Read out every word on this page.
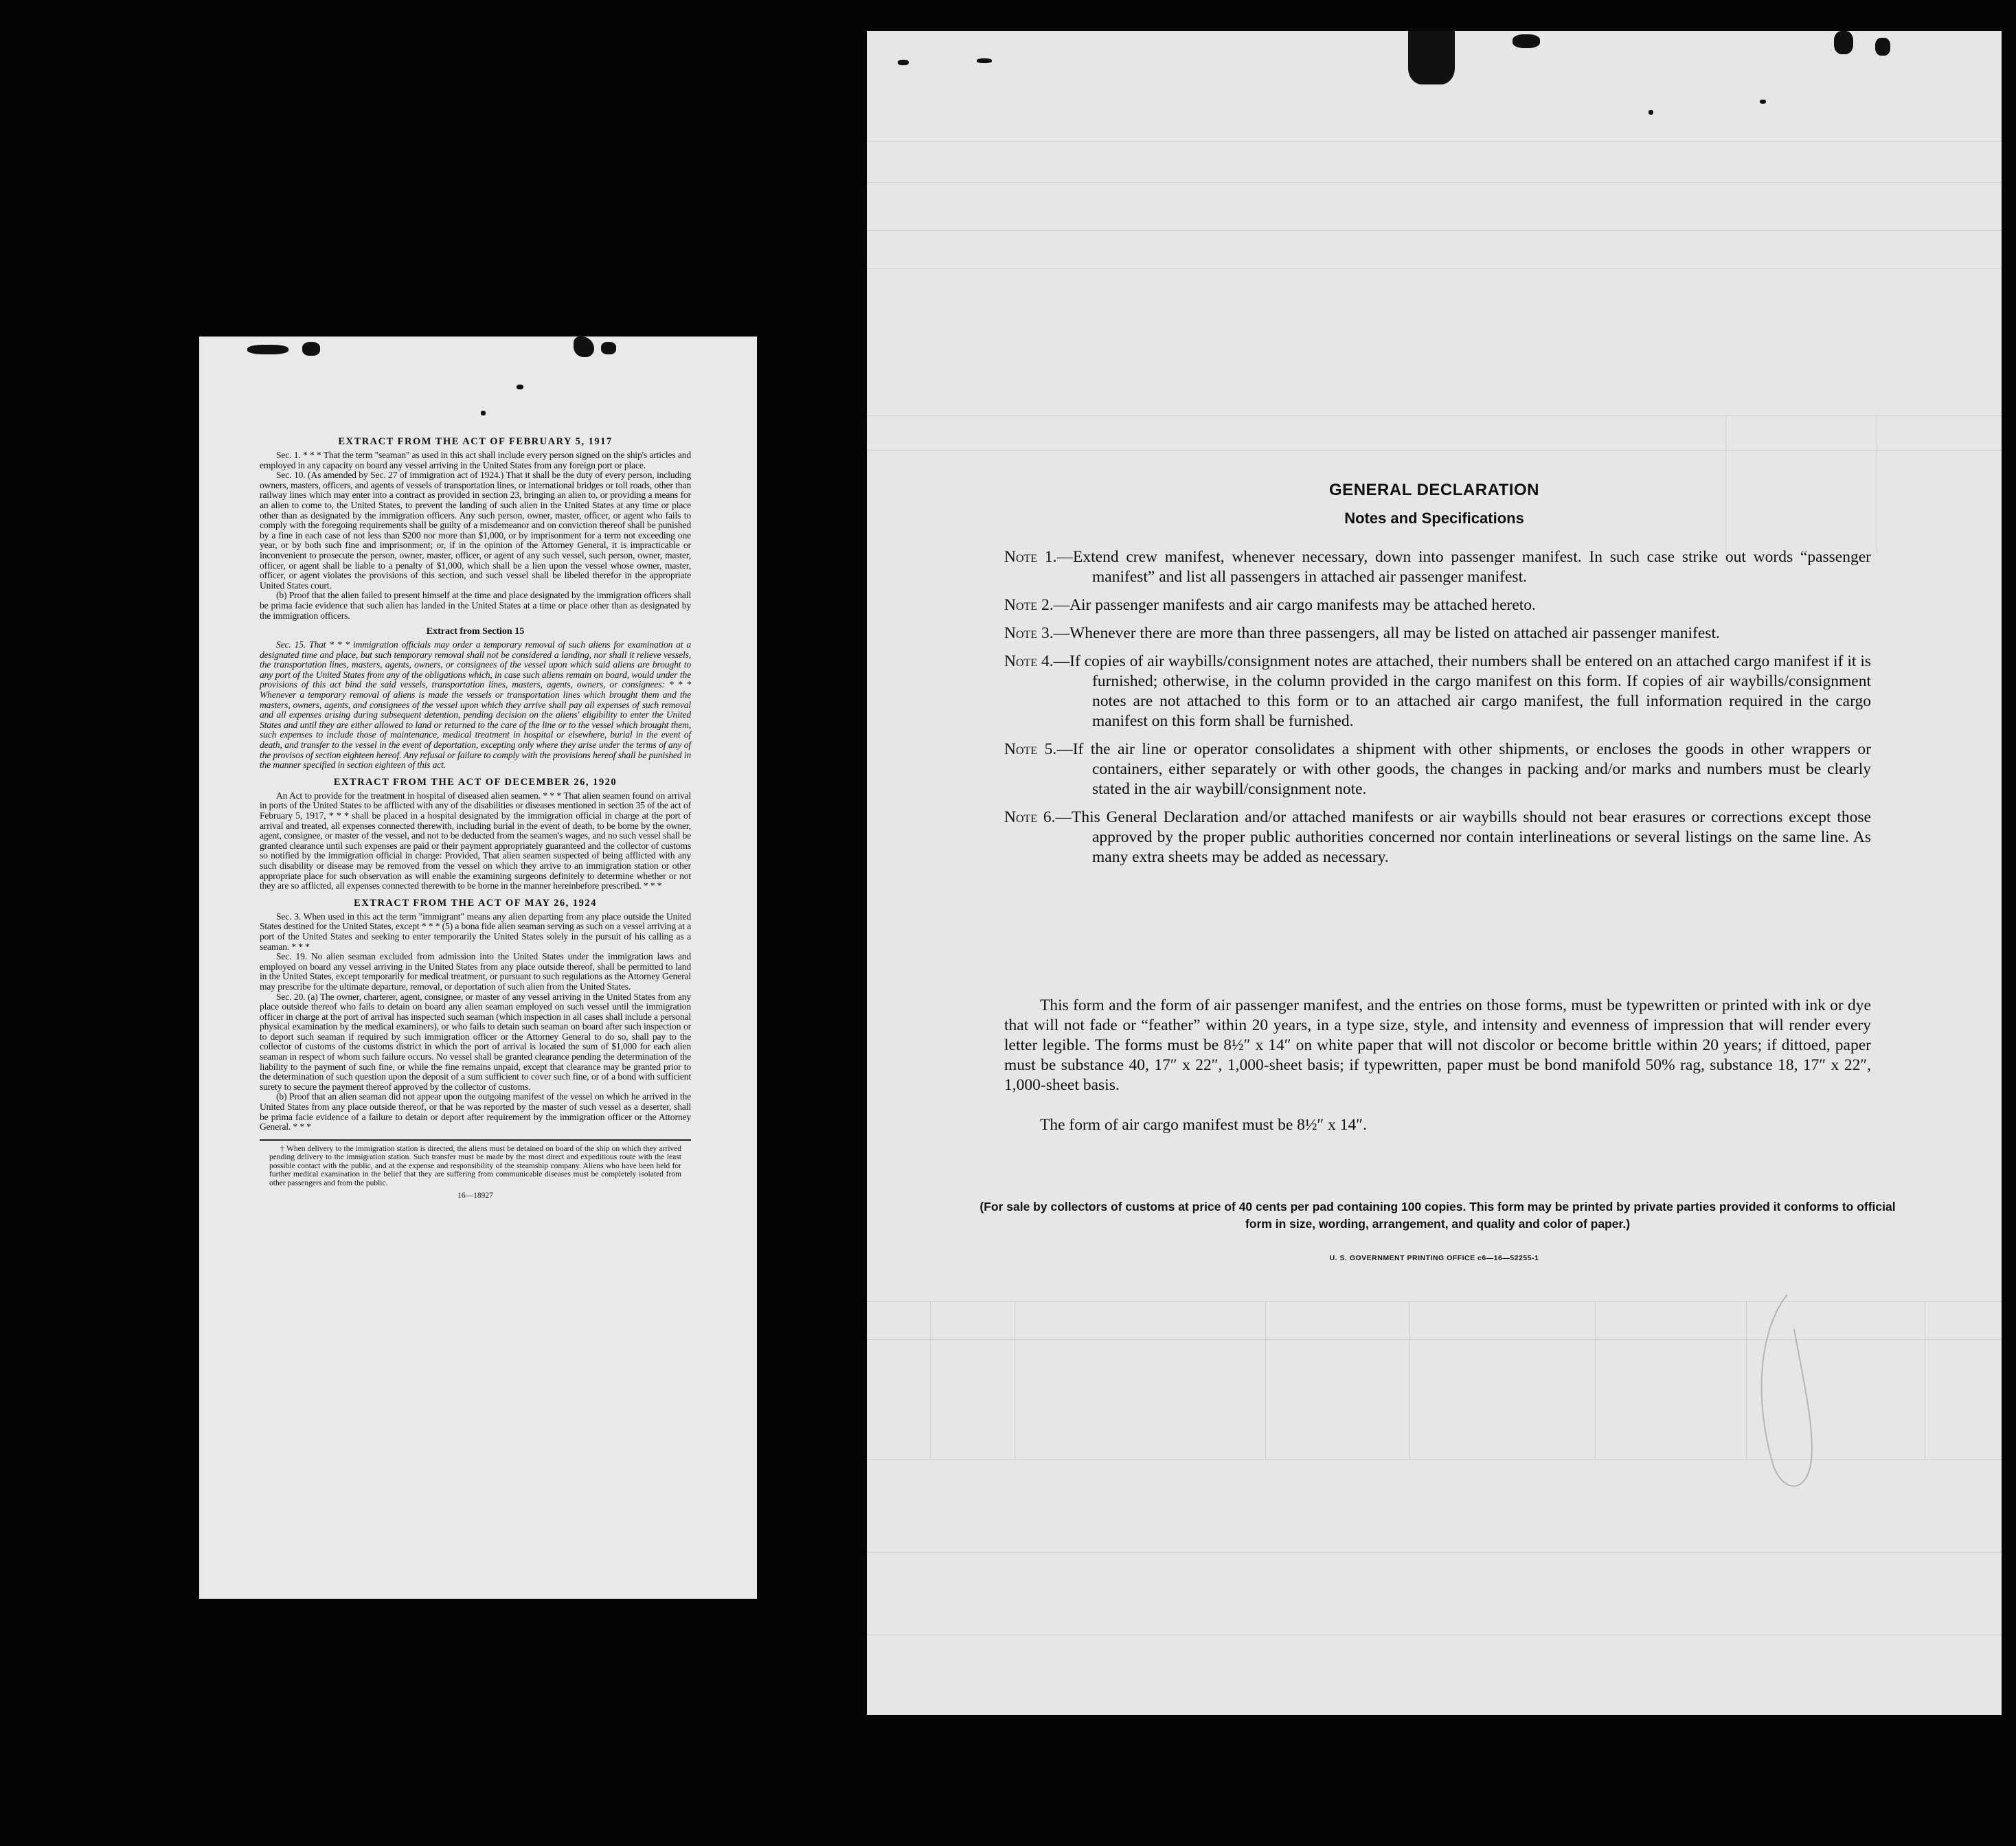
EXTRACT FROM THE ACT OF FEBRUARY 5, 1917

Sec. 1. * * * That the term "seaman" as used in this act shall include every person signed on the ship's articles and employed in any capacity on board any vessel arriving in the United States from any foreign port or place.

Sec. 10. (As amended by Sec. 27 of immigration act of 1924.) That it shall be the duty of every person, including owners, masters, officers, and agents of vessels of transportation lines, or international bridges or toll roads, other than railway lines which may enter into a contract as provided in section 23, bringing an alien to, or providing a means for an alien to come to, the United States, to prevent the landing of such alien in the United States at any time or place other than as designated by the immigration officers. Any such person, owner, master, officer, or agent who fails to comply with the foregoing requirements shall be guilty of a misdemeanor and on conviction thereof shall be punished by a fine in each case of not less than $200 nor more than $1,000, or by imprisonment for a term not exceeding one year, or by both such fine and imprisonment; or, if in the opinion of the Attorney General, it is impracticable or inconvenient to prosecute the person, owner, master, officer, or agent of any such vessel, such person, owner, master, officer, or agent shall be liable to a penalty of $1,000, which shall be a lien upon the vessel whose owner, master, officer, or agent violates the provisions of this section, and such vessel shall be libeled therefor in the appropriate United States court.

(b) Proof that the alien failed to present himself at the time and place designated by the immigration officers shall be prima facie evidence that such alien has landed in the United States at a time or place other than as designated by the immigration officers.

Extract from Section 15

Sec. 15. That * * * immigration officials may order a temporary removal of such aliens for examination at a designated time and place, but such temporary removal shall not be considered a landing, nor shall it relieve vessels, the transportation lines, masters, agents, owners, or consignees of the vessel upon which said aliens are brought to any port of the United States from any of the obligations which, in case such aliens remain on board, would under the provisions of this act bind the said vessels, transportation lines, masters, agents, owners, or consignees: * * * Whenever a temporary removal of aliens is made the vessels or transportation lines which brought them and the masters, owners, agents, and consignees of the vessel upon which they arrive shall pay all expenses of such removal and all expenses arising during subsequent detention, pending decision on the aliens' eligibility to enter the United States and until they are either allowed to land or returned to the care of the line or to the vessel which brought them, such expenses to include those of maintenance, medical treatment in hospital or elsewhere, burial in the event of death, and transfer to the vessel in the event of deportation, excepting only where they arise under the terms of any of the provisos of section eighteen hereof. Any refusal or failure to comply with the provisions hereof shall be punished in the manner specified in section eighteen of this act.

EXTRACT FROM THE ACT OF DECEMBER 26, 1920

An Act to provide for the treatment in hospital of diseased alien seamen. * * * That alien seamen found on arrival in ports of the United States to be afflicted with any of the disabilities or diseases mentioned in section 35 of the act of February 5, 1917, * * * shall be placed in a hospital designated by the immigration official in charge at the port of arrival and treated, all expenses connected therewith, including burial in the event of death, to be borne by the owner, agent, consignee, or master of the vessel, and not to be deducted from the seamen's wages, and no such vessel shall be granted clearance until such expenses are paid or their payment appropriately guaranteed and the collector of customs so notified by the immigration official in charge: Provided, That alien seamen suspected of being afflicted with any such disability or disease may be removed from the vessel on which they arrive to an immigration station or other appropriate place for such observation as will enable the examining surgeons definitely to determine whether or not they are so afflicted, all expenses connected therewith to be borne in the manner hereinbefore prescribed. * * *

EXTRACT FROM THE ACT OF MAY 26, 1924

Sec. 3. When used in this act the term "immigrant" means any alien departing from any place outside the United States destined for the United States, except * * * (5) a bona fide alien seaman serving as such on a vessel arriving at a port of the United States and seeking to enter temporarily the United States solely in the pursuit of his calling as a seaman. * * *

Sec. 19. No alien seaman excluded from admission into the United States under the immigration laws and employed on board any vessel arriving in the United States from any place outside thereof, shall be permitted to land in the United States, except temporarily for medical treatment, or pursuant to such regulations as the Attorney General may prescribe for the ultimate departure, removal, or deportation of such alien from the United States.

Sec. 20. (a) The owner, charterer, agent, consignee, or master of any vessel arriving in the United States from any place outside thereof who fails to detain on board any alien seaman employed on such vessel until the immigration officer in charge at the port of arrival has inspected such seaman (which inspection in all cases shall include a personal physical examination by the medical examiners), or who fails to detain such seaman on board after such inspection or to deport such seaman if required by such immigration officer or the Attorney General to do so, shall pay to the collector of customs of the customs district in which the port of arrival is located the sum of $1,000 for each alien seaman in respect of whom such failure occurs. No vessel shall be granted clearance pending the determination of the liability to the payment of such fine, or while the fine remains unpaid, except that clearance may be granted prior to the determination of such question upon the deposit of a sum sufficient to cover such fine, or of a bond with sufficient surety to secure the payment thereof approved by the collector of customs.

(b) Proof that an alien seaman did not appear upon the outgoing manifest of the vessel on which he arrived in the United States from any place outside thereof, or that he was reported by the master of such vessel as a deserter, shall be prima facie evidence of a failure to detain or deport after requirement by the immigration officer or the Attorney General. * * *

† When delivery to the immigration station is directed, the aliens must be detained on board of the ship on which they arrived pending delivery to the immigration station. Such transfer must be made by the most direct and expeditious route with the least possible contact with the public, and at the expense and responsibility of the steamship company. Aliens who have been held for further medical examination in the belief that they are suffering from communicable diseases must be completely isolated from other passengers and from the public.

16—18927
GENERAL DECLARATION
Notes and Specifications

Note 1.—Extend crew manifest, whenever necessary, down into passenger manifest. In such case strike out words “passenger manifest” and list all passengers in attached air passenger manifest.

Note 2.—Air passenger manifests and air cargo manifests may be attached hereto.

Note 3.—Whenever there are more than three passengers, all may be listed on attached air passenger manifest.

Note 4.—If copies of air waybills/consignment notes are attached, their numbers shall be entered on an attached cargo manifest if it is furnished; otherwise, in the column provided in the cargo manifest on this form. If copies of air waybills/consignment notes are not attached to this form or to an attached air cargo manifest, the full information required in the cargo manifest on this form shall be furnished.

Note 5.—If the air line or operator consolidates a shipment with other shipments, or encloses the goods in other wrappers or containers, either separately or with other goods, the changes in packing and/or marks and numbers must be clearly stated in the air waybill/consignment note.

Note 6.—This General Declaration and/or attached manifests or air waybills should not bear erasures or corrections except those approved by the proper public authorities concerned nor contain interlineations or several listings on the same line. As many extra sheets may be added as necessary.

This form and the form of air passenger manifest, and the entries on those forms, must be typewritten or printed with ink or dye that will not fade or “feather” within 20 years, in a type size, style, and intensity and evenness of impression that will render every letter legible. The forms must be 8½″ x 14″ on white paper that will not discolor or become brittle within 20 years; if dittoed, paper must be substance 40, 17″ x 22″, 1,000-sheet basis; if typewritten, paper must be bond manifold 50% rag, substance 18, 17″ x 22″, 1,000-sheet basis.

The form of air cargo manifest must be 8½″ x 14″.

(For sale by collectors of customs at price of 40 cents per pad containing 100 copies. This form may be printed by private parties provided it conforms to official form in size, wording, arrangement, and quality and color of paper.)

U. S. GOVERNMENT PRINTING OFFICE c6—16—52255-1
